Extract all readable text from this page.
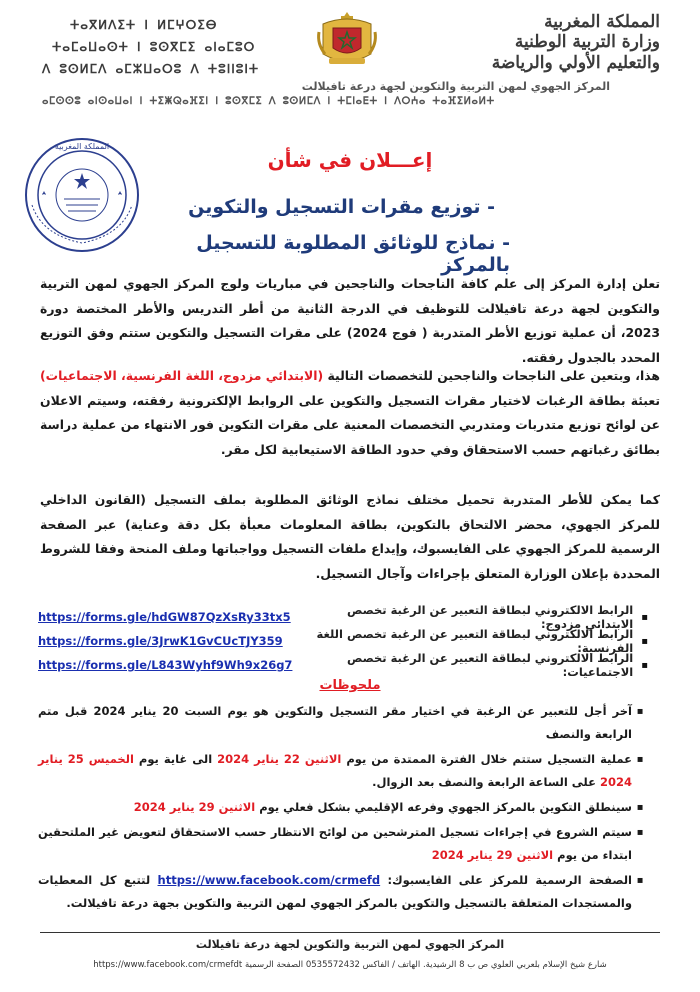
المملكة المغربية
وزارة التربية الوطنية
والتعليم الأولي والرياضة
ⵜⴰⴳⵍⴷⵉⵜ ⵏ ⵍⵎⵖⵔⵉⴱ
ⵜⴰⵎⴰⵡⴰⵙⵜ ⵏ ⵓⵙⴳⵎⵉ ⴰⵏⴰⵎⵓⵔ
ⴷ ⵓⵙⵍⵎⴷ ⴰⵎⵣⵡⴰⵔⵓ ⴷ ⵜⵓⵏⵏⵓⵏⵜ
المركز الجهوي لمهن التربية والتكوين لجهة درعة تافيلالت
ⴰⵎⵙⵙⵓ ⴰⵏⵙⴰⵡⴰⵏ ⵏ ⵜⵉⵥⵕⴰⴼⵉⵏ ⵏ ⵓⵙⴳⵎⵉ ⴷ ⵓⵙⵍⵎⴷ ⵏ ⵜⵎⵏⴰⴹⵜ ⵏ ⴷⵔⵄⴰ ⵜⴰⴼⵉⵍⴰⵍⵜ
المملكة المغربية
إعـــلان في شأن
- توزيع مقرات التسجيل والتكوين
- نماذج للوثائق المطلوبة للتسجيل بالمركز
تعلن إدارة المركز إلى علم كافة الناجحات والناجحين في مباريات ولوج المركز الجهوي لمهن التربية والتكوين لجهة درعة تافيلالت للتوظيف في الدرجة الثانية من أطر التدريس والأطر المختصة دورة 2023، أن عملية توزيع الأطر المتدربة ( فوج 2024) على مقرات التسجيل والتكوين ستتم وفق التوزيع المحدد بالجدول رفقته.
هذا، وبتعين على الناجحات والناجحين للتخصصات التالية (الابتدائي مزدوج، اللغة الفرنسية، الاجتماعيات) تعبئة بطاقة الرغبات لاختيار مقرات التسجيل والتكوين على الروابط الإلكترونية رفقته، وسيتم الاعلان عن لوائح توزيع متدربات ومتدربي التخصصات المعنية على مقرات التكوين فور الانتهاء من عملية دراسة بطائق رغباتهم حسب الاستحقاق وفي حدود الطاقة الاستيعابية لكل مقر.
كما يمكن للأطر المتدربة تحميل مختلف نماذج الوثائق المطلوبة بملف التسجيل (القانون الداخلي للمركز الجهوي، محضر الالتحاق بالتكوين، بطاقة المعلومات معبأة بكل دقة وعناية) عبر الصفحة الرسمية للمركز الجهوي على الفايسبوك، وإيداع ملفات التسجيل وواجباتها وملف المنحة وفقا للشروط المحددة بإعلان الوزارة المتعلق بإجراءات وآجال التسجيل.
▪
الرابط الالكتروني لبطاقة التعبير عن الرغبة تخصص الابتدائي مزدوج:
https://forms.gle/hdGW87QzXsRy33tx5
▪
الرابط الالكتروني لبطاقة التعبير عن الرغبة تخصص اللغة الفرنسية:
https://forms.gle/3JrwK1GvCUcTJY359
▪
الرابط الالكتروني لبطاقة التعبير عن الرغبة تخصص الاجتماعيات:
https://forms.gle/L843Wyhf9Wh9x26g7
ملحوظات
▪
آخر أجل للتعبير عن الرغبة في اختيار مقر التسجيل والتكوين هو يوم السبت 20 يناير 2024 قبل متم الرابعة والنصف
▪
عملية التسجيل ستتم خلال الفترة الممتدة من يوم الاثنين 22 يناير 2024 الى غاية يوم الخميس 25 يناير 2024 على الساعة الرابعة والنصف بعد الزوال.
▪
سينطلق التكوين بالمركز الجهوي وفرعه الإقليمي بشكل فعلي يوم الاثنين 29 يناير 2024
▪
سيتم الشروع في إجراءات تسجيل المترشحين من لوائح الانتظار حسب الاستحقاق لتعويض غير الملتحقين ابتداء من يوم الاثنين 29 يناير 2024
▪
الصفحة الرسمية للمركز على الفايسبوك: https://www.facebook.com/crmefd لتتبع كل المعطيات والمستجدات المتعلقة بالتسجيل والتكوين بالمركز الجهوي لمهن التربية والتكوين بجهة درعة تافيلالت.
المركز الجهوي لمهن التربية والتكوين لجهة درعة تافيلالت
شارع شيخ الإسلام بلعربي العلوي ص ب 8 الرشيدية. الهاتف / الفاكس 0535572432 الصفحة الرسمية https://www.facebook.com/crmefdt
